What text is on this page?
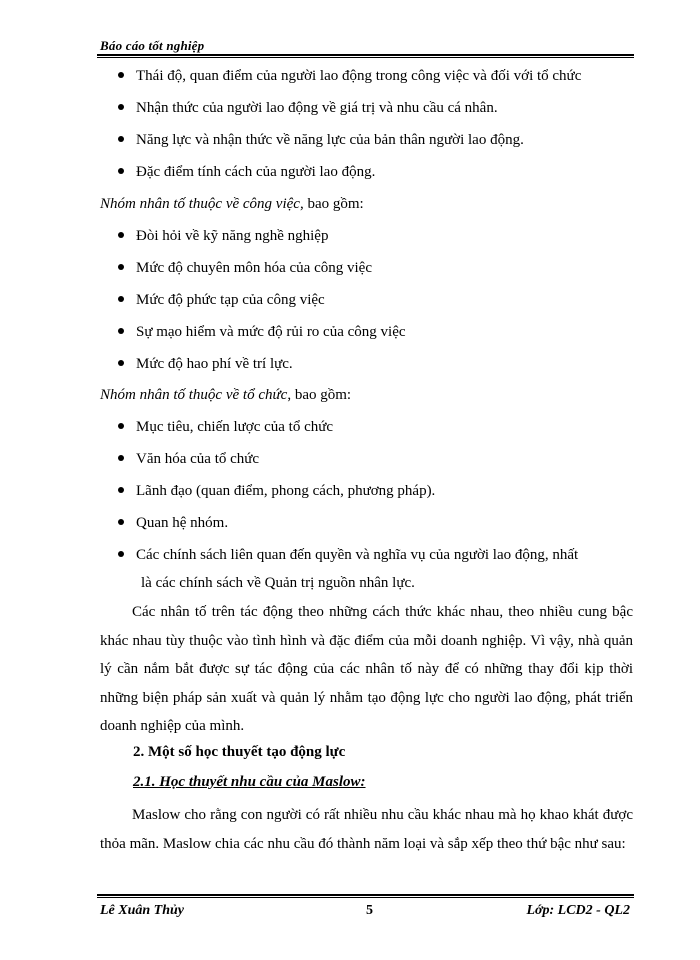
Báo cáo tốt nghiệp
Thái độ, quan điểm của người lao động trong công việc và đối với tổ chức
Nhận thức của người lao động về giá trị và nhu cầu cá nhân.
Năng lực và nhận thức về năng lực của bản thân người lao động.
Đặc điểm tính cách của người lao động.
Nhóm nhân tố thuộc về công việc, bao gồm:
Đòi hỏi về kỹ năng nghề nghiệp
Mức độ chuyên môn hóa của công việc
Mức độ phức tạp của công việc
Sự mạo hiểm và mức độ rủi ro của công việc
Mức độ hao phí về trí lực.
Nhóm nhân tố thuộc về tổ chức, bao gồm:
Mục tiêu, chiến lược của tổ chức
Văn hóa của tổ chức
Lãnh đạo (quan điểm, phong cách, phương pháp).
Quan hệ nhóm.
Các chính sách liên quan đến quyền và nghĩa vụ của người lao động, nhất
là các chính sách về Quản trị nguồn nhân lực.
Các nhân tố trên tác động theo những cách thức khác nhau, theo nhiều cung bậc khác nhau tùy thuộc vào tình hình và đặc điểm của mỗi doanh nghiệp. Vì vậy, nhà quản lý cần nắm bắt được sự tác động của các nhân tố này để có những thay đổi kịp thời những biện pháp sản xuất và quản lý nhằm tạo động lực cho người lao động, phát triển doanh nghiệp của mình.
2. Một số học thuyết tạo động lực
2.1. Học thuyết nhu cầu của Maslow:
Maslow cho rằng con người có rất nhiều nhu cầu khác nhau mà họ khao khát được thỏa mãn. Maslow chia các nhu cầu đó thành năm loại và sắp xếp theo thứ bậc như sau:
Lê Xuân Thủy	5	Lớp: LCD2 - QL2
